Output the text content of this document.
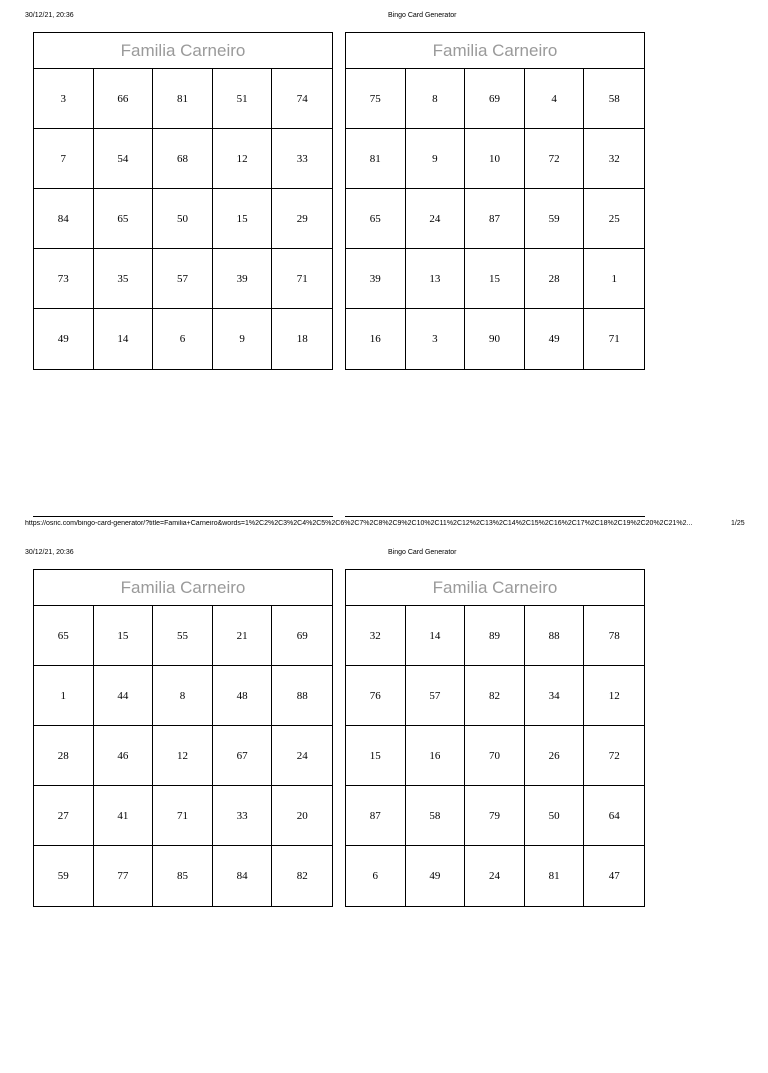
30/12/21, 20:36	Bingo Card Generator
Familia Carneiro
3	66	81	51	74
7	54	68	12	33
84	65	50	15	29
73	35	57	39	71
49	14	6	9	18
Familia Carneiro
75	8	69	4	58
81	9	10	72	32
65	24	87	59	25
39	13	15	28	1
16	3	90	49	71
https://osric.com/bingo-card-generator/?title=Familia+Carneiro&words=1%2C2%2C3%2C4%2C5%2C6%2C7%2C8%2C9%2C10%2C11%2C12%2C13%2C14%2C15%2C16%2C17%2C18%2C19%2C20%2C21%2...	1/25
30/12/21, 20:36	Bingo Card Generator
Familia Carneiro
65	15	55	21	69
1	44	8	48	88
28	46	12	67	24
27	41	71	33	20
59	77	85	84	82
Familia Carneiro
32	14	89	88	78
76	57	82	34	12
15	16	70	26	72
87	58	79	50	64
6	49	24	81	47
